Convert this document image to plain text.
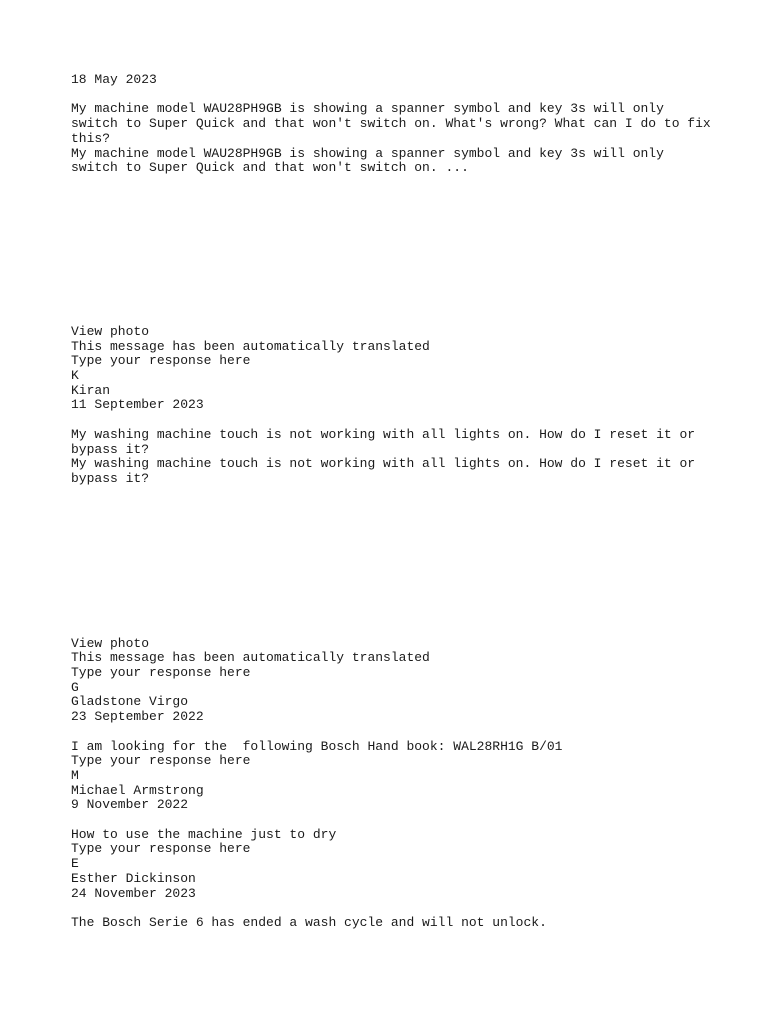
18 May 2023
My machine model WAU28PH9GB is showing a spanner symbol and key 3s will only switch to Super Quick and that won't switch on. What's wrong? What can I do to fix this?
My machine model WAU28PH9GB is showing a spanner symbol and key 3s will only switch to Super Quick and that won't switch on. ...
View photo
This message has been automatically translated
Type your response here
K
Kiran
11 September 2023
My washing machine touch is not working with all lights on. How do I reset it or bypass it?
My washing machine touch is not working with all lights on. How do I reset it or bypass it?
View photo
This message has been automatically translated
Type your response here
G
Gladstone Virgo
23 September 2022
I am looking for the  following Bosch Hand book: WAL28RH1G B/01
Type your response here
M
Michael Armstrong
9 November 2022
How to use the machine just to dry
Type your response here
E
Esther Dickinson
24 November 2023
The Bosch Serie 6 has ended a wash cycle and will not unlock.
